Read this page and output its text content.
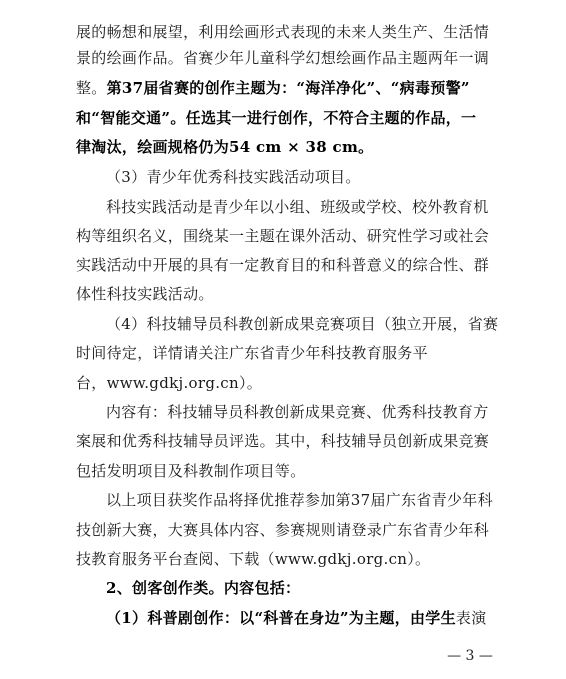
展的畅想和展望，利用绘画形式表现的未来人类生产、生活情
景的绘画作品。省赛少年儿童科学幻想绘画作品主题两年一调
整。第37届省赛的创作主题为：“海洋净化”、“病毒预警”
和“智能交通”。任选其一进行创作，不符合主题的作品，一
律淘汰，绘画规格仍为54 cm × 38 cm。
（3）青少年优秀科技实践活动项目。
科技实践活动是青少年以小组、班级或学校、校外教育机
构等组织名义，围绕某一主题在课外活动、研究性学习或社会
实践活动中开展的具有一定教育目的和科普意义的综合性、群
体性科技实践活动。
（4）科技辅导员科教创新成果竞赛项目（独立开展，省赛
时间待定，详情请关注广东省青少年科技教育服务平
台，www.gdkj.org.cn）。
内容有：科技辅导员科教创新成果竞赛、优秀科技教育方
案展和优秀科技辅导员评选。其中，科技辅导员创新成果竞赛
包括发明项目及科教制作项目等。
以上项目获奖作品将择优推荐参加第37届广东省青少年科
技创新大赛，大赛具体内容、参赛规则请登录广东省青少年科
技教育服务平台查阅、下载（www.gdkj.org.cn）。
2、创客创作类。内容包括：
（1）科普剧创作：以“科普在身边”为主题，由学生表演
— 3 —
